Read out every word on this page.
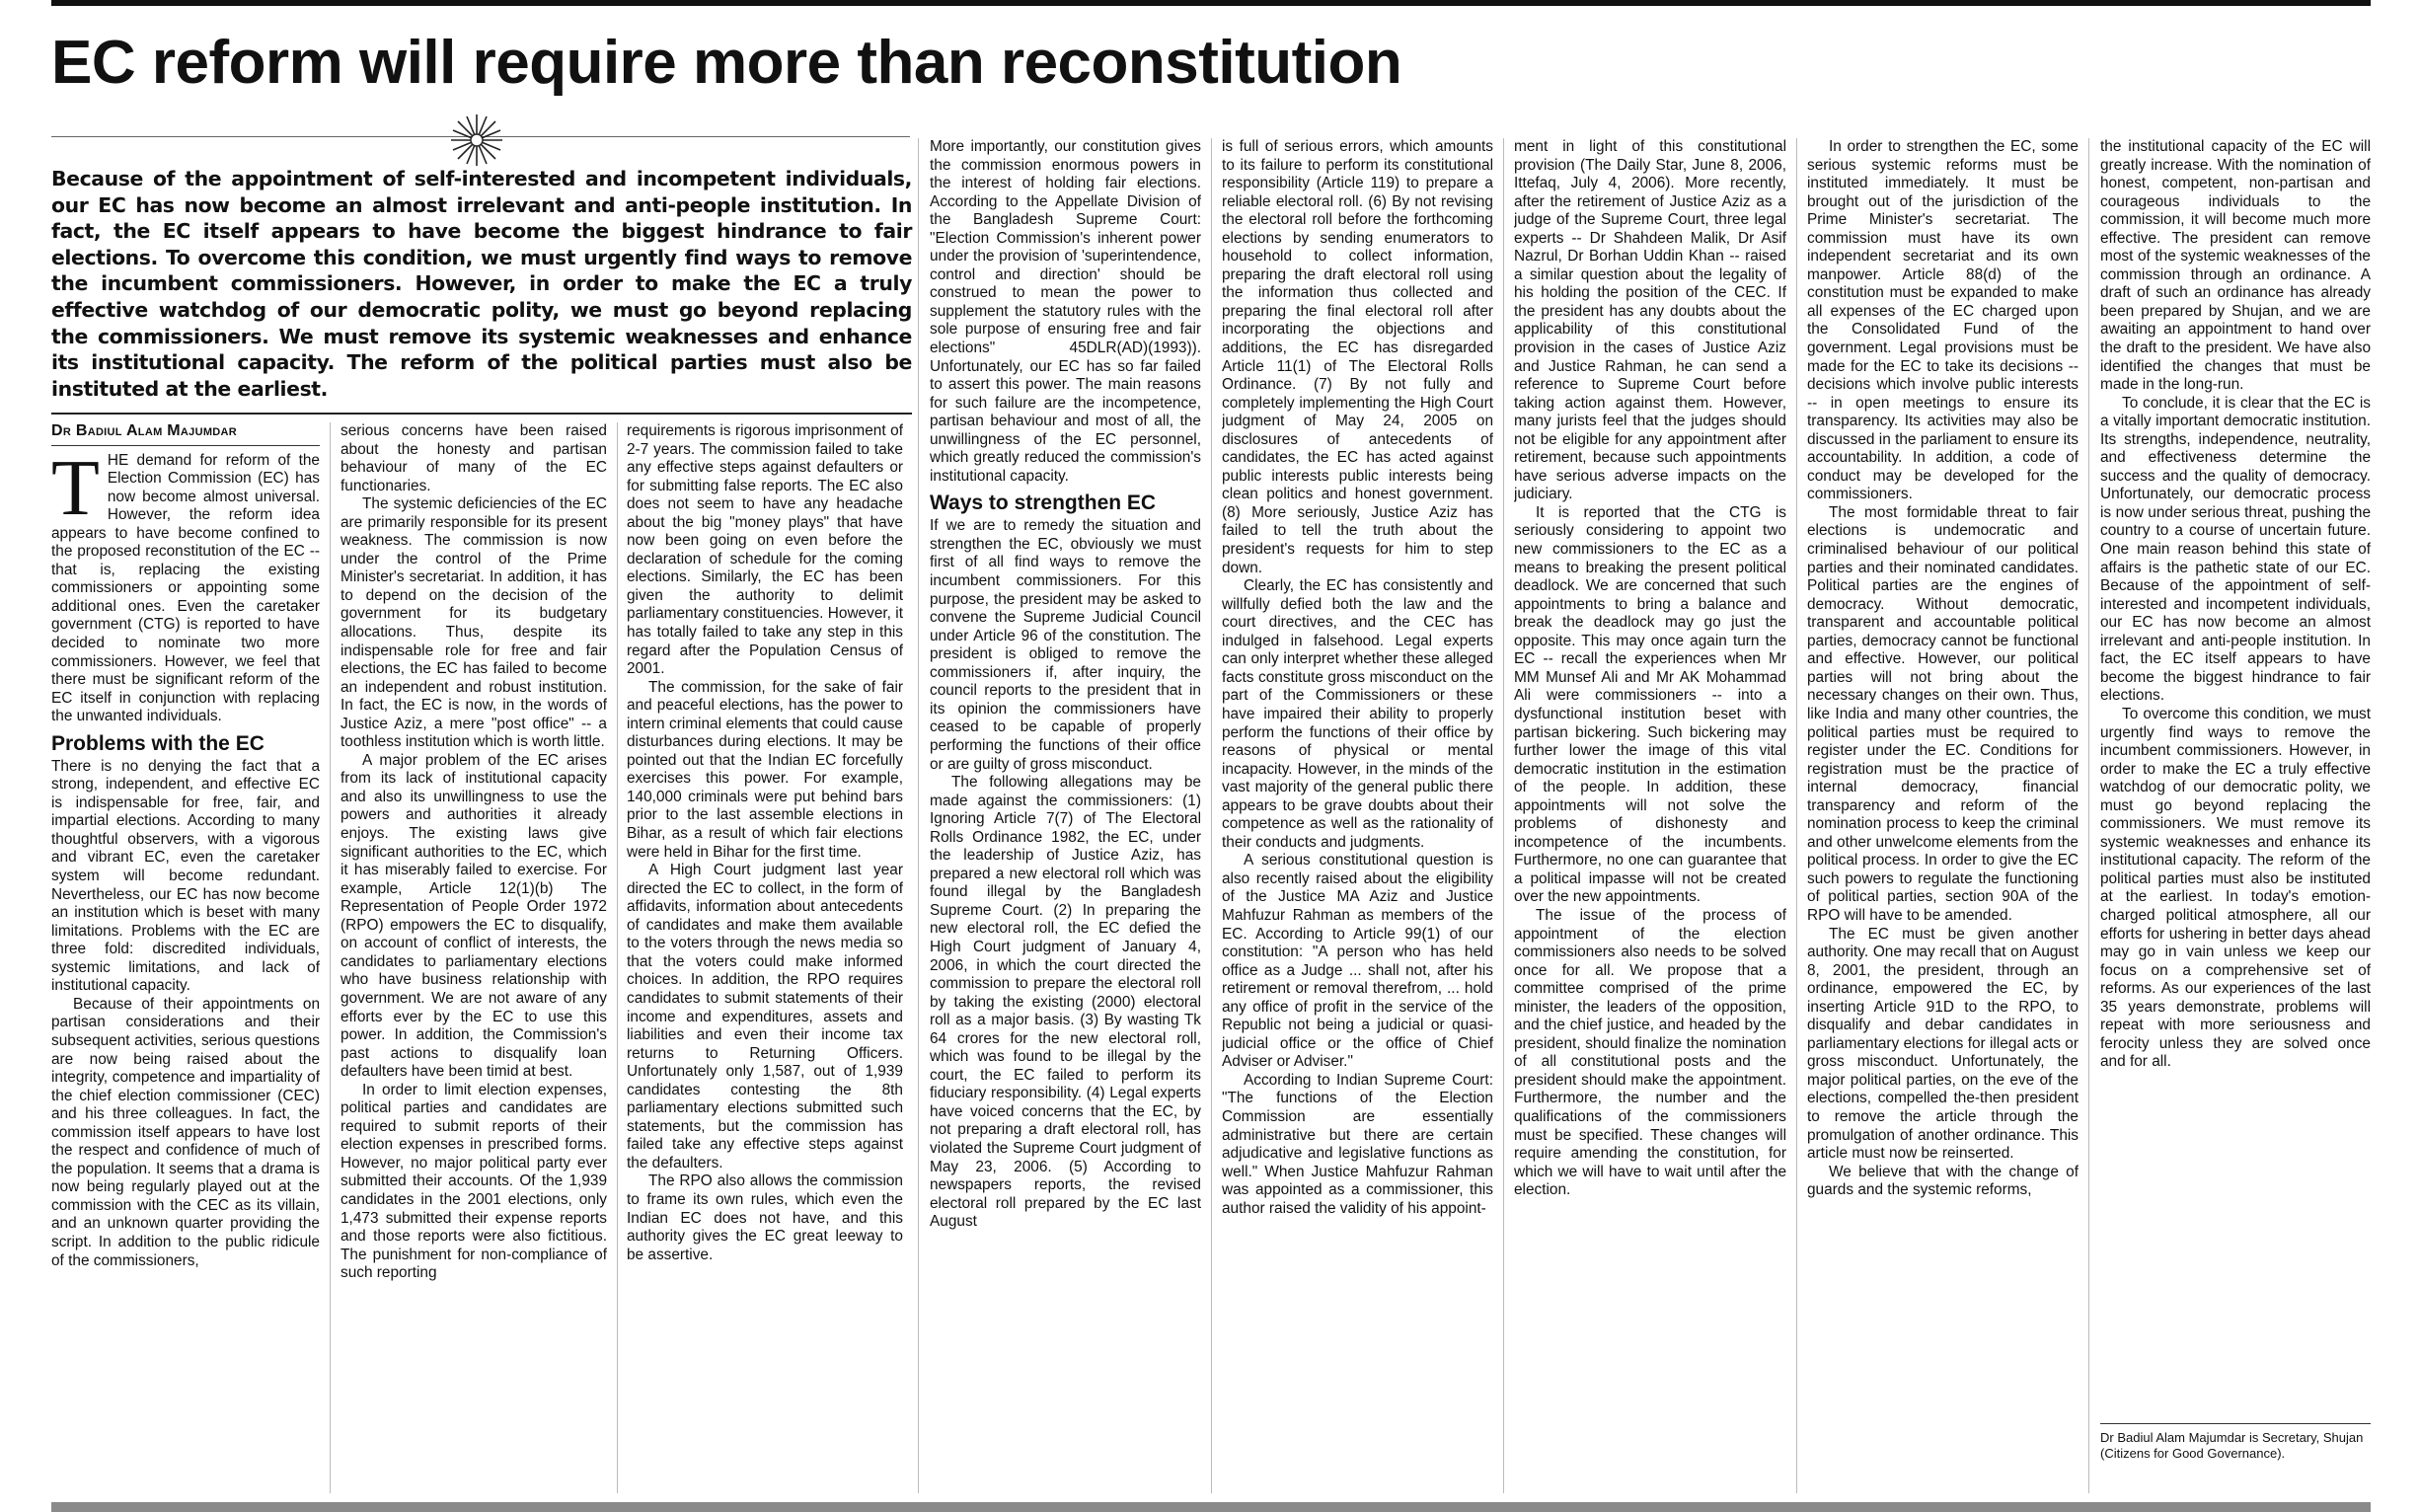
EC reform will require more than reconstitution

Because of the appointment of self-interested and incompetent individuals, our EC has now become an almost irrelevant and anti-people institution. In fact, the EC itself appears to have become the biggest hindrance to fair elections. To overcome this condition, we must urgently find ways to remove the incumbent commissioners. However, in order to make the EC a truly effective watchdog of our democratic polity, we must go beyond replacing the commissioners. We must remove its systemic weaknesses and enhance its institutional capacity. The reform of the political parties must also be instituted at the earliest.

Dr Badiul Alam Majumdar

THE demand for reform of the Election Commission (EC) has now become almost universal. However, the reform idea appears to have become confined to the proposed reconstitution of the EC -- that is, replacing the existing commissioners or appointing some additional ones. Even the caretaker government (CTG) is reported to have decided to nominate two more commissioners. However, we feel that there must be significant reform of the EC itself in conjunction with replacing the unwanted individuals.

Problems with the EC

There is no denying the fact that a strong, independent, and effective EC is indispensable for free, fair, and impartial elections. According to many thoughtful observers, with a vigorous and vibrant EC, even the caretaker system will become redundant. Nevertheless, our EC has now become an institution which is beset with many limitations. Problems with the EC are three fold: discredited individuals, systemic limitations, and lack of institutional capacity.

Because of their appointments on partisan considerations and their subsequent activities, serious questions are now being raised about the integrity, competence and impartiality of the chief election commissioner (CEC) and his three colleagues. In fact, the commission itself appears to have lost the respect and confidence of much of the population. It seems that a drama is now being regularly played out at the commission with the CEC as its villain, and an unknown quarter providing the script. In addition to the public ridicule of the commissioners,

serious concerns have been raised about the honesty and partisan behaviour of many of the EC functionaries.

The systemic deficiencies of the EC are primarily responsible for its present weakness. The commission is now under the control of the Prime Minister's secretariat. In addition, it has to depend on the decision of the government for its budgetary allocations. Thus, despite its indispensable role for free and fair elections, the EC has failed to become an independent and robust institution. In fact, the EC is now, in the words of Justice Aziz, a mere "post office" -- a toothless institution which is worth little.

A major problem of the EC arises from its lack of institutional capacity and also its unwillingness to use the powers and authorities it already enjoys. The existing laws give significant authorities to the EC, which it has miserably failed to exercise. For example, Article 12(1)(b) The Representation of People Order 1972 (RPO) empowers the EC to disqualify, on account of conflict of interests, the candidates to parliamentary elections who have business relationship with government. We are not aware of any efforts ever by the EC to use this power. In addition, the Commission's past actions to disqualify loan defaulters have been timid at best.

In order to limit election expenses, political parties and candidates are required to submit reports of their election expenses in prescribed forms. However, no major political party ever submitted their accounts. Of the 1,939 candidates in the 2001 elections, only 1,473 submitted their expense reports and those reports were also fictitious. The punishment for non-compliance of such reporting

requirements is rigorous imprisonment of 2-7 years. The commission failed to take any effective steps against defaulters or for submitting false reports. The EC also does not seem to have any headache about the big "money plays" that have now been going on even before the declaration of schedule for the coming elections. Similarly, the EC has been given the authority to delimit parliamentary constituencies. However, it has totally failed to take any step in this regard after the Population Census of 2001.

The commission, for the sake of fair and peaceful elections, has the power to intern criminal elements that could cause disturbances during elections. It may be pointed out that the Indian EC forcefully exercises this power. For example, 140,000 criminals were put behind bars prior to the last assemble elections in Bihar, as a result of which fair elections were held in Bihar for the first time.

A High Court judgment last year directed the EC to collect, in the form of affidavits, information about antecedents of candidates and make them available to the voters through the news media so that the voters could make informed choices. In addition, the RPO requires candidates to submit statements of their income and expenditures, assets and liabilities and even their income tax returns to Returning Officers. Unfortunately only 1,587, out of 1,939 candidates contesting the 8th parliamentary elections submitted such statements, but the commission has failed take any effective steps against the defaulters.

The RPO also allows the commission to frame its own rules, which even the Indian EC does not have, and this authority gives the EC great leeway to be assertive.

More importantly, our constitution gives the commission enormous powers in the interest of holding fair elections. According to the Appellate Division of the Bangladesh Supreme Court: "Election Commission's inherent power under the provision of 'superintendence, control and direction' should be construed to mean the power to supplement the statutory rules with the sole purpose of ensuring free and fair elections" 45DLR(AD)(1993)). Unfortunately, our EC has so far failed to assert this power. The main reasons for such failure are the incompetence, partisan behaviour and most of all, the unwillingness of the EC personnel, which greatly reduced the commission's institutional capacity.

Ways to strengthen EC

If we are to remedy the situation and strengthen the EC, obviously we must first of all find ways to remove the incumbent commissioners. For this purpose, the president may be asked to convene the Supreme Judicial Council under Article 96 of the constitution. The president is obliged to remove the commissioners if, after inquiry, the council reports to the president that in its opinion the commissioners have ceased to be capable of properly performing the functions of their office or are guilty of gross misconduct.

The following allegations may be made against the commissioners: (1) Ignoring Article 7(7) of The Electoral Rolls Ordinance 1982, the EC, under the leadership of Justice Aziz, has prepared a new electoral roll which was found illegal by the Bangladesh Supreme Court. (2) In preparing the new electoral roll, the EC defied the High Court judgment of January 4, 2006, in which the court directed the commission to prepare the electoral roll by taking the existing (2000) electoral roll as a major basis. (3) By wasting Tk 64 crores for the new electoral roll, which was found to be illegal by the court, the EC failed to perform its fiduciary responsibility. (4) Legal experts have voiced concerns that the EC, by not preparing a draft electoral roll, has violated the Supreme Court judgment of May 23, 2006. (5) According to newspapers reports, the revised electoral roll prepared by the EC last August

is full of serious errors, which amounts to its failure to perform its constitutional responsibility (Article 119) to prepare a reliable electoral roll. (6) By not revising the electoral roll before the forthcoming elections by sending enumerators to household to collect information, preparing the draft electoral roll using the information thus collected and preparing the final electoral roll after incorporating the objections and additions, the EC has disregarded Article 11(1) of The Electoral Rolls Ordinance. (7) By not fully and completely implementing the High Court judgment of May 24, 2005 on disclosures of antecedents of candidates, the EC has acted against public interests public interests being clean politics and honest government. (8) More seriously, Justice Aziz has failed to tell the truth about the president's requests for him to step down.

Clearly, the EC has consistently and willfully defied both the law and the court directives, and the CEC has indulged in falsehood. Legal experts can only interpret whether these alleged facts constitute gross misconduct on the part of the Commissioners or these have impaired their ability to properly perform the functions of their office by reasons of physical or mental incapacity. However, in the minds of the vast majority of the general public there appears to be grave doubts about their competence as well as the rationality of their conducts and judgments.

A serious constitutional question is also recently raised about the eligibility of the Justice MA Aziz and Justice Mahfuzur Rahman as members of the EC. According to Article 99(1) of our constitution: "A person who has held office as a Judge ... shall not, after his retirement or removal therefrom, ... hold any office of profit in the service of the Republic not being a judicial or quasi-judicial office or the office of Chief Adviser or Adviser."

According to Indian Supreme Court: "The functions of the Election Commission are essentially administrative but there are certain adjudicative and legislative functions as well." When Justice Mahfuzur Rahman was appointed as a commissioner, this author raised the validity of his appoint-

ment in light of this constitutional provision (The Daily Star, June 8, 2006, Ittefaq, July 4, 2006). More recently, after the retirement of Justice Aziz as a judge of the Supreme Court, three legal experts -- Dr Shahdeen Malik, Dr Asif Nazrul, Dr Borhan Uddin Khan -- raised a similar question about the legality of his holding the position of the CEC. If the president has any doubts about the applicability of this constitutional provision in the cases of Justice Aziz and Justice Rahman, he can send a reference to Supreme Court before taking action against them. However, many jurists feel that the judges should not be eligible for any appointment after retirement, because such appointments have serious adverse impacts on the judiciary.

It is reported that the CTG is seriously considering to appoint two new commissioners to the EC as a means to breaking the present political deadlock. We are concerned that such appointments to bring a balance and break the deadlock may go just the opposite. This may once again turn the EC -- recall the experiences when Mr MM Munsef Ali and Mr AK Mohammad Ali were commissioners -- into a dysfunctional institution beset with partisan bickering. Such bickering may further lower the image of this vital democratic institution in the estimation of the people. In addition, these appointments will not solve the problems of dishonesty and incompetence of the incumbents. Furthermore, no one can guarantee that a political impasse will not be created over the new appointments.

The issue of the process of appointment of the election commissioners also needs to be solved once for all. We propose that a committee comprised of the prime minister, the leaders of the opposition, and the chief justice, and headed by the president, should finalize the nomination of all constitutional posts and the president should make the appointment. Furthermore, the number and the qualifications of the commissioners must be specified. These changes will require amending the constitution, for which we will have to wait until after the election.

In order to strengthen the EC, some serious systemic reforms must be instituted immediately. It must be brought out of the jurisdiction of the Prime Minister's secretariat. The commission must have its own independent secretariat and its own manpower. Article 88(d) of the constitution must be expanded to make all expenses of the EC charged upon the Consolidated Fund of the government. Legal provisions must be made for the EC to take its decisions -- decisions which involve public interests -- in open meetings to ensure its transparency. Its activities may also be discussed in the parliament to ensure its accountability. In addition, a code of conduct may be developed for the commissioners.

The most formidable threat to fair elections is undemocratic and criminalised behaviour of our political parties and their nominated candidates. Political parties are the engines of democracy. Without democratic, transparent and accountable political parties, democracy cannot be functional and effective. However, our political parties will not bring about the necessary changes on their own. Thus, like India and many other countries, the political parties must be required to register under the EC. Conditions for registration must be the practice of internal democracy, financial transparency and reform of the nomination process to keep the criminal and other unwelcome elements from the political process. In order to give the EC such powers to regulate the functioning of political parties, section 90A of the RPO will have to be amended.

The EC must be given another authority. One may recall that on August 8, 2001, the president, through an ordinance, empowered the EC, by inserting Article 91D to the RPO, to disqualify and debar candidates in parliamentary elections for illegal acts or gross misconduct. Unfortunately, the major political parties, on the eve of the elections, compelled the-then president to remove the article through the promulgation of another ordinance. This article must now be reinserted.

We believe that with the change of guards and the systemic reforms,

the institutional capacity of the EC will greatly increase. With the nomination of honest, competent, non-partisan and courageous individuals to the commission, it will become much more effective. The president can remove most of the systemic weaknesses of the commission through an ordinance. A draft of such an ordinance has already been prepared by Shujan, and we are awaiting an appointment to hand over the draft to the president. We have also identified the changes that must be made in the long-run.

To conclude, it is clear that the EC is a vitally important democratic institution. Its strengths, independence, neutrality, and effectiveness determine the success and the quality of democracy. Unfortunately, our democratic process is now under serious threat, pushing the country to a course of uncertain future. One main reason behind this state of affairs is the pathetic state of our EC. Because of the appointment of self-interested and incompetent individuals, our EC has now become an almost irrelevant and anti-people institution. In fact, the EC itself appears to have become the biggest hindrance to fair elections.

To overcome this condition, we must urgently find ways to remove the incumbent commissioners. However, in order to make the EC a truly effective watchdog of our democratic polity, we must go beyond replacing the commissioners. We must remove its systemic weaknesses and enhance its institutional capacity. The reform of the political parties must also be instituted at the earliest. In today's emotion-charged political atmosphere, all our efforts for ushering in better days ahead may go in vain unless we keep our focus on a comprehensive set of reforms. As our experiences of the last 35 years demonstrate, problems will repeat with more seriousness and ferocity unless they are solved once and for all.

Dr Badiul Alam Majumdar is Secretary, Shujan (Citizens for Good Governance).
